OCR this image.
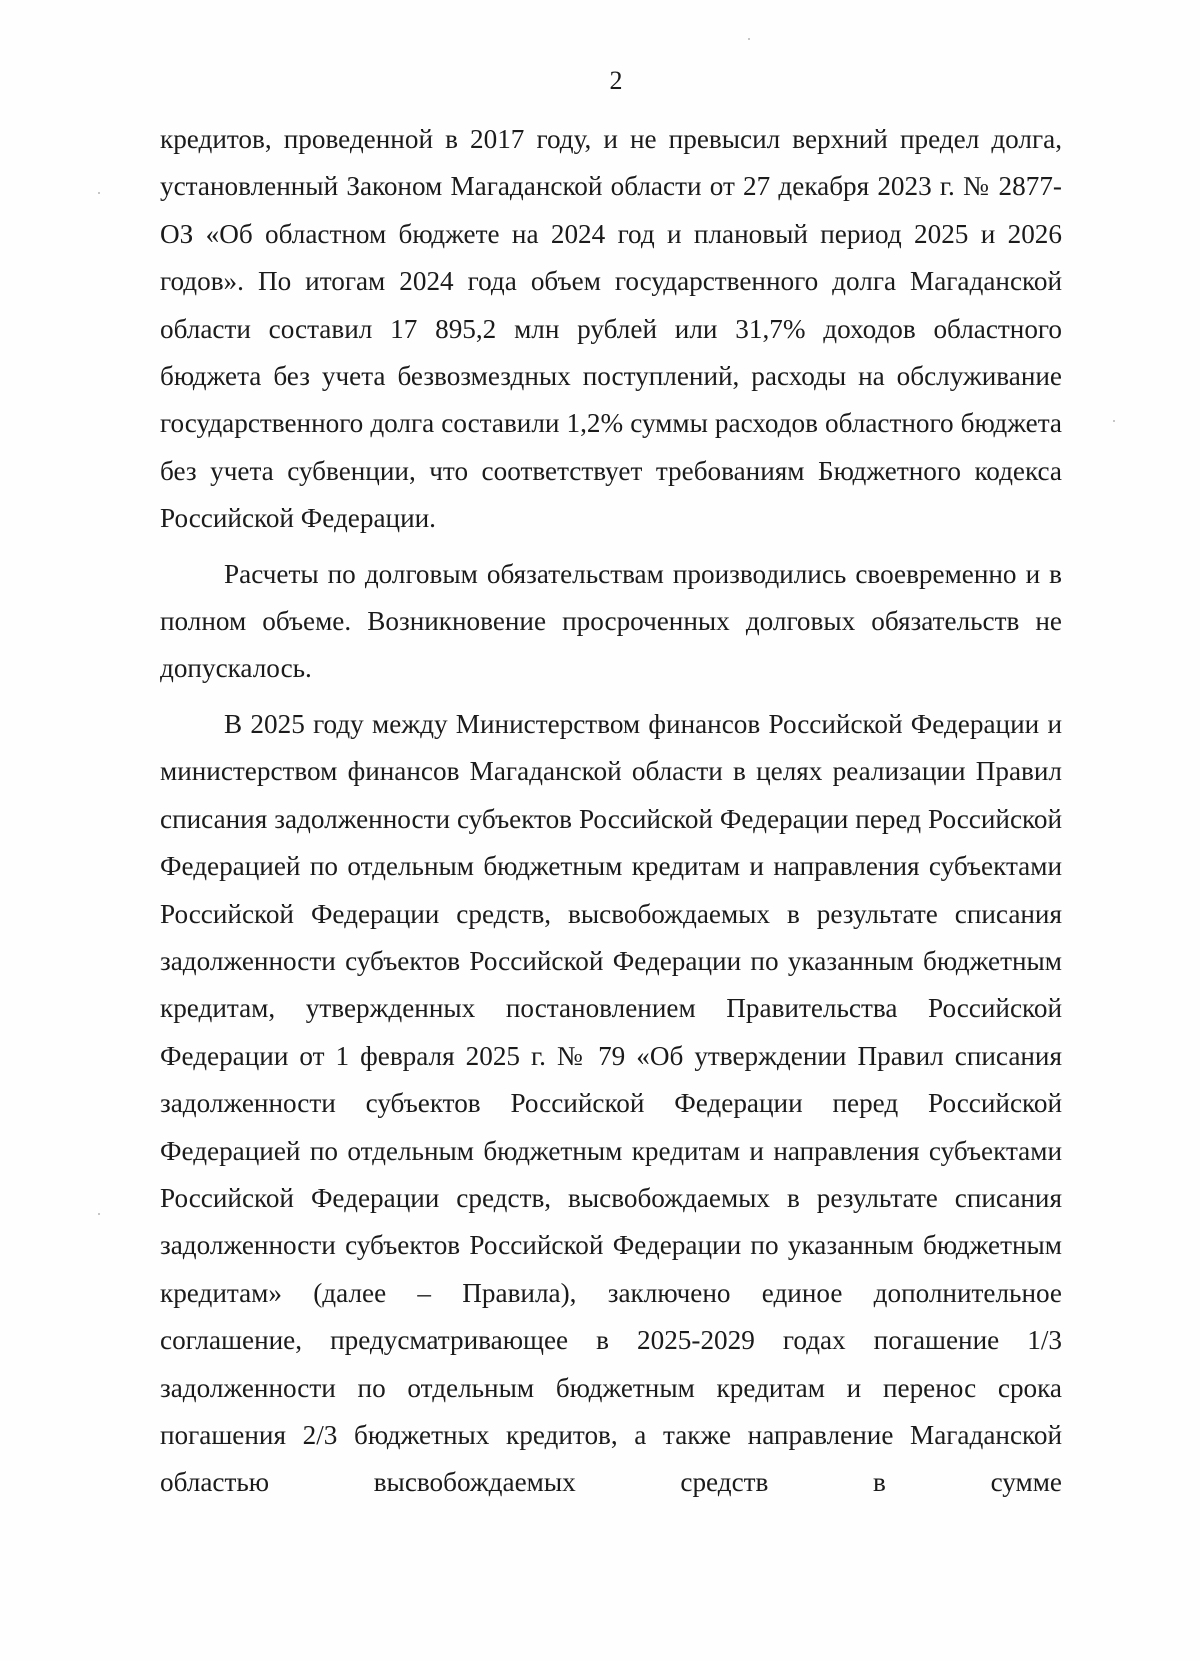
2

кредитов, проведенной в 2017 году, и не превысил верхний предел долга, установленный Законом Магаданской области от 27 декабря 2023 г. № 2877-ОЗ «Об областном бюджете на 2024 год и плановый период 2025 и 2026 годов». По итогам 2024 года объем государственного долга Магаданской области составил 17 895,2 млн рублей или 31,7% доходов областного бюджета без учета безвозмездных поступлений, расходы на обслуживание государственного долга составили 1,2% суммы расходов областного бюджета без учета субвенции, что соответствует требованиям Бюджетного кодекса Российской Федерации.

Расчеты по долговым обязательствам производились своевременно и в полном объеме. Возникновение просроченных долговых обязательств не допускалось.

В 2025 году между Министерством финансов Российской Федерации и министерством финансов Магаданской области в целях реализации Правил списания задолженности субъектов Российской Федерации перед Российской Федерацией по отдельным бюджетным кредитам и направления субъектами Российской Федерации средств, высвобождаемых в результате списания задолженности субъектов Российской Федерации по указанным бюджетным кредитам, утвержденных постановлением Правительства Российской Федерации от 1 февраля 2025 г. № 79 «Об утверждении Правил списания задолженности субъектов Российской Федерации перед Российской Федерацией по отдельным бюджетным кредитам и направления субъектами Российской Федерации средств, высвобождаемых в результате списания задолженности субъектов Российской Федерации по указанным бюджетным кредитам» (далее – Правила), заключено единое дополнительное соглашение, предусматривающее в 2025-2029 годах погашение 1/3 задолженности по отдельным бюджетным кредитам и перенос срока погашения 2/3 бюджетных кредитов, а также направление Магаданской областью высвобождаемых средств в сумме
